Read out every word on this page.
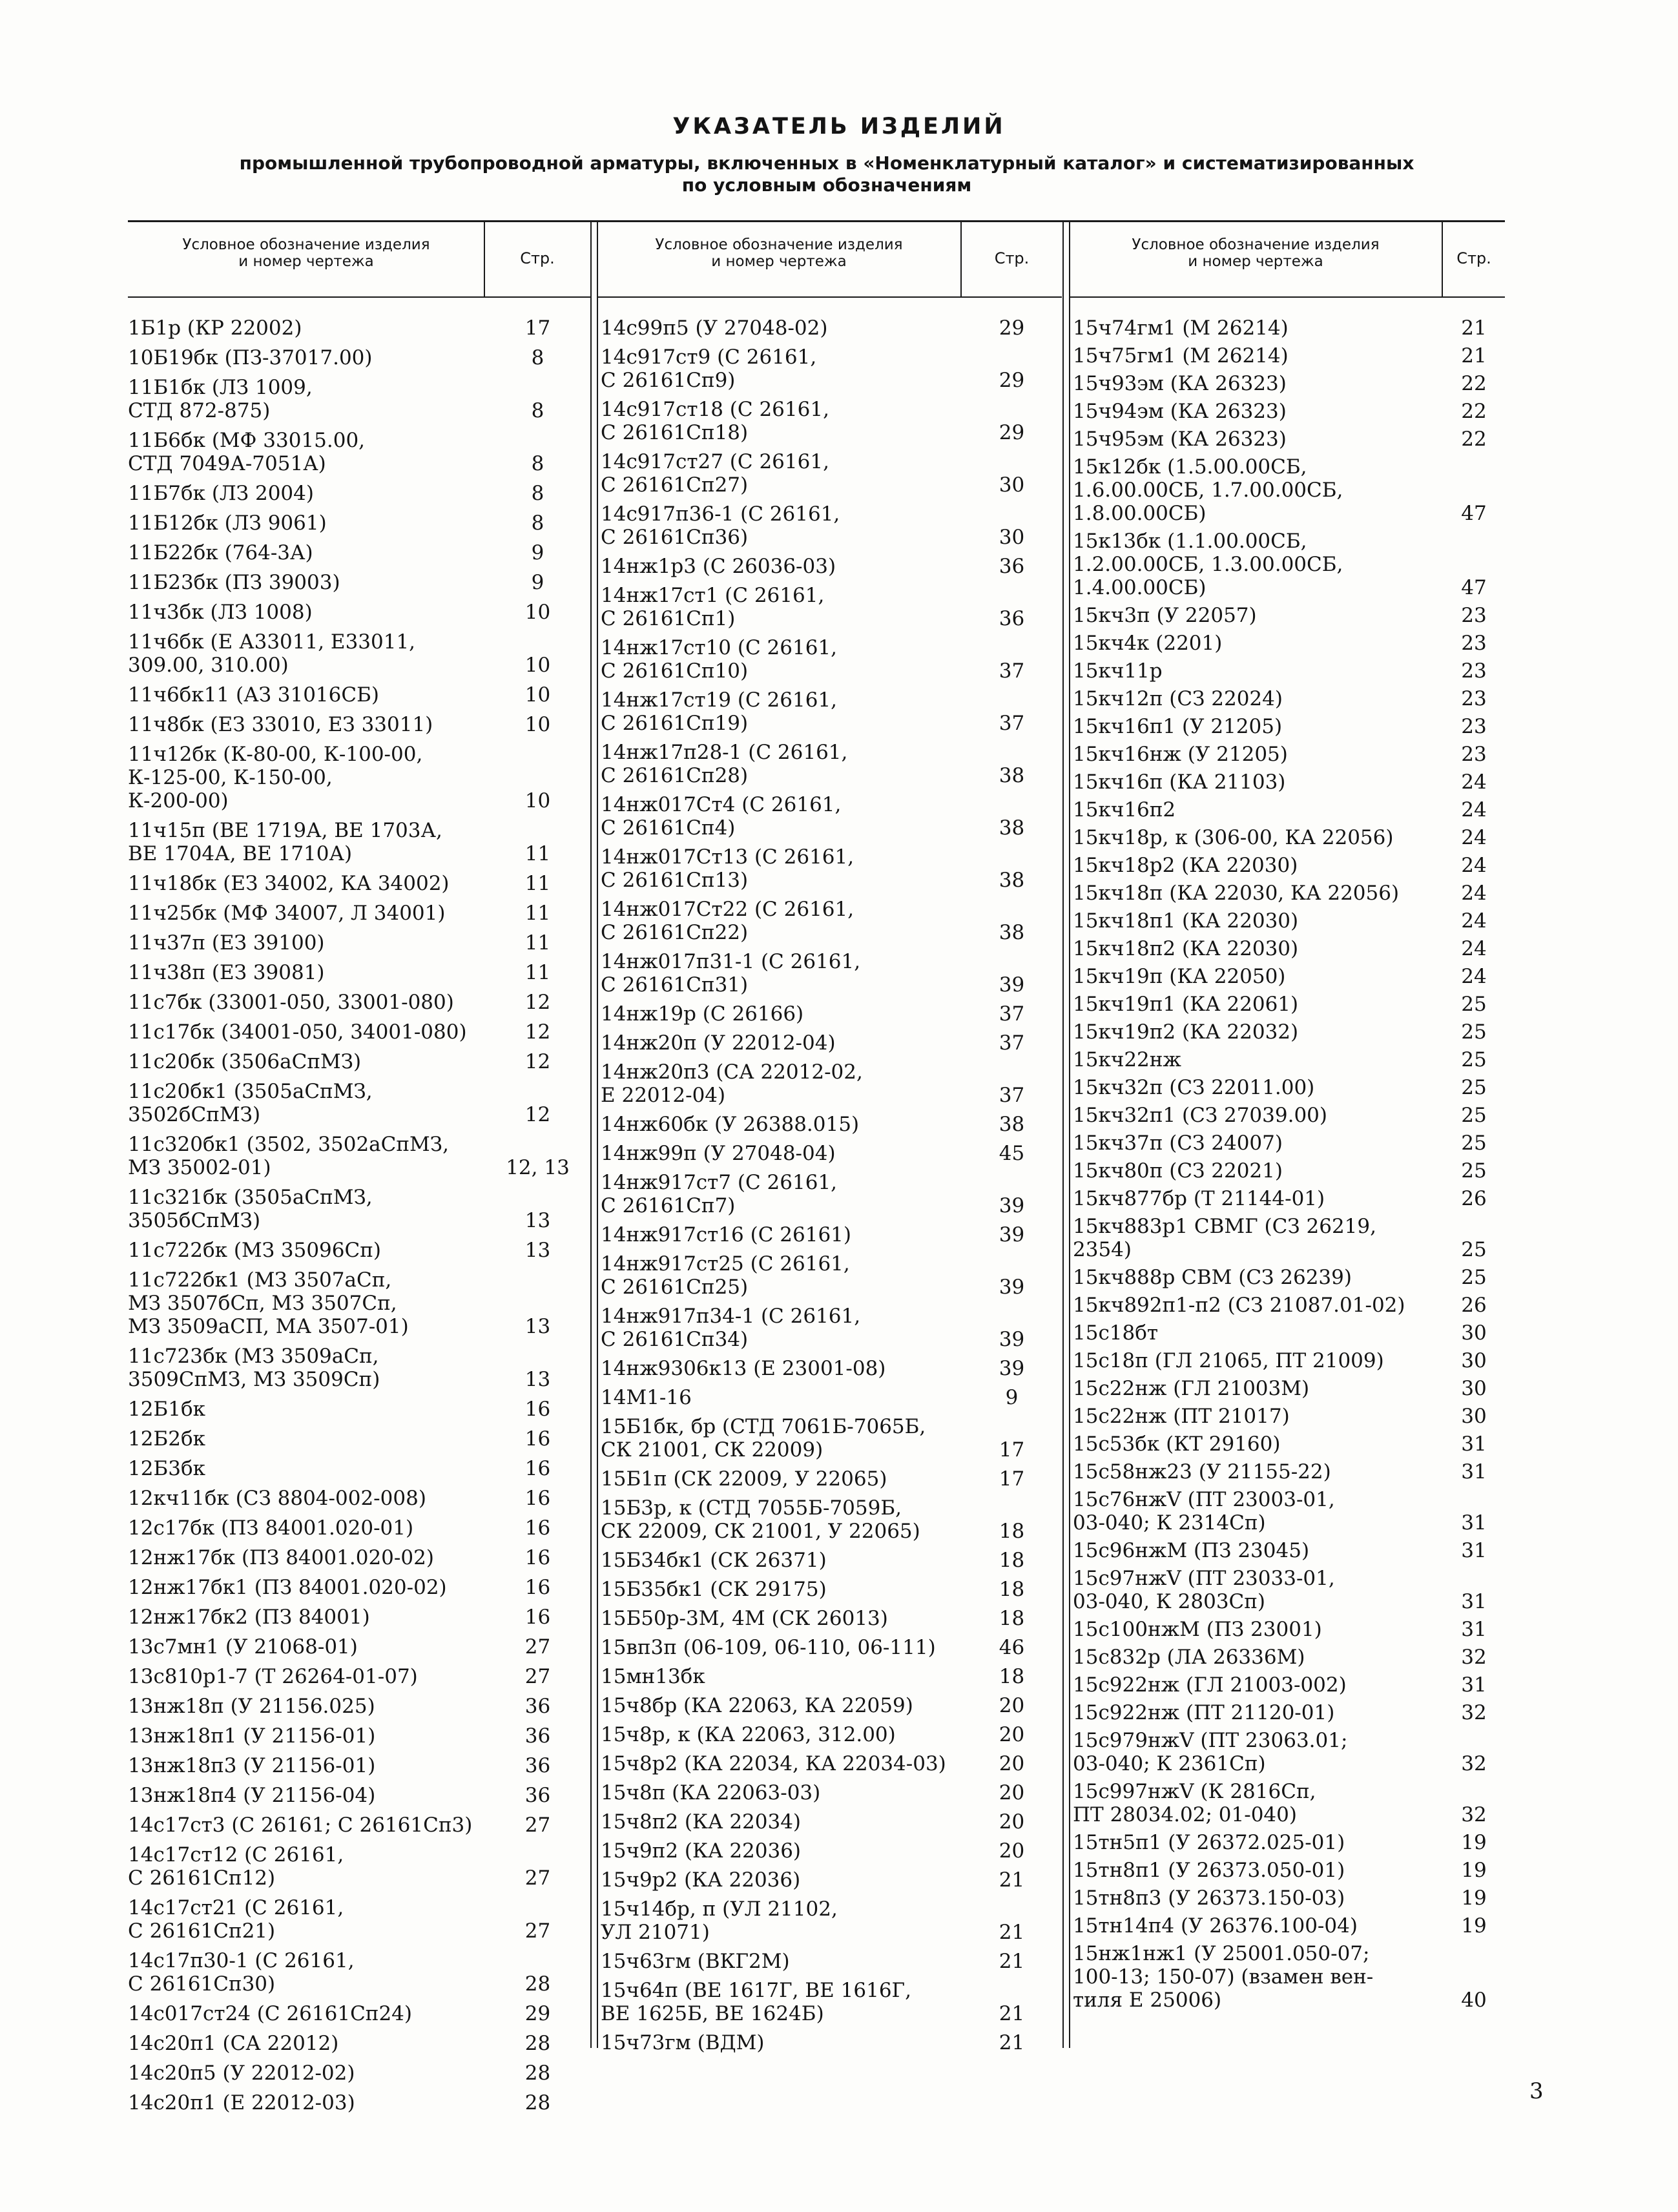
УКАЗАТЕЛЬ ИЗДЕЛИЙ
промышленной трубопроводной арматуры, включенных в «Номенклатурный каталог» и систематизированных
по условным обозначениям
Условное обозначение изделия
и номер чертежа	Стр.
Условное обозначение изделия
и номер чертежа	Стр.
Условное обозначение изделия
и номер чертежа	Стр.
1Б1р (КР 22002)	17
10Б19бк (ПЗ-37017.00)	8
11Б1бк (ЛЗ 1009,
СТД 872-875)	8
11Б6бк (МФ 33015.00,
СТД 7049А-7051А)	8
11Б7бк (ЛЗ 2004)	8
11Б12бк (ЛЗ 9061)	8
11Б22бк (764-3А)	9
11Б23бк (ПЗ 39003)	9
11ч3бк (ЛЗ 1008)	10
11ч6бк (Е А33011, Е33011,
309.00, 310.00)	10
11ч6бк11 (АЗ 31016СБ)	10
11ч8бк (ЕЗ 33010, ЕЗ 33011)	10
11ч12бк (К-80-00, К-100-00,
К-125-00, К-150-00,
К-200-00)	10
11ч15п (ВЕ 1719А, ВЕ 1703А,
ВЕ 1704А, ВЕ 1710А)	11
11ч18бк (ЕЗ 34002, КА 34002)	11
11ч25бк (МФ 34007, Л 34001)	11
11ч37п (ЕЗ 39100)	11
11ч38п (ЕЗ 39081)	11
11с7бк (33001-050, 33001-080)	12
11с17бк (34001-050, 34001-080)	12
11с20бк (3506аСпМЗ)	12
11с20бк1 (3505аСпМЗ,
3502бСпМЗ)	12
11с320бк1 (3502, 3502аСпМЗ,
МЗ 35002-01)	12, 13
11с321бк (3505аСпМЗ,
3505бСпМЗ)	13
11с722бк (МЗ 35096Сп)	13
11с722бк1 (МЗ 3507аСп,
МЗ 3507бСп, МЗ 3507Сп,
МЗ 3509аСП, МА 3507-01)	13
11с723бк (МЗ 3509аСп,
3509СпМЗ, МЗ 3509Сп)	13
12Б1бк	16
12Б2бк	16
12Б3бк	16
12кч11бк (СЗ 8804-002-008)	16
12с17бк (ПЗ 84001.020-01)	16
12нж17бк (ПЗ 84001.020-02)	16
12нж17бк1 (ПЗ 84001.020-02)	16
12нж17бк2 (ПЗ 84001)	16
13с7мн1 (У 21068-01)	27
13с810р1-7 (Т 26264-01-07)	27
13нж18п (У 21156.025)	36
13нж18п1 (У 21156-01)	36
13нж18п3 (У 21156-01)	36
13нж18п4 (У 21156-04)	36
14с17ст3 (С 26161; С 26161Сп3)	27
14с17ст12 (С 26161,
С 26161Сп12)	27
14с17ст21 (С 26161,
С 26161Сп21)	27
14с17п30-1 (С 26161,
С 26161Сп30)	28
14с017ст24 (С 26161Сп24)	29
14с20п1 (СА 22012)	28
14с20п5 (У 22012-02)	28
14с20п1 (Е 22012-03)	28
14с99п5 (У 27048-02)	29
14с917ст9 (С 26161,
С 26161Сп9)	29
14с917ст18 (С 26161,
С 26161Сп18)	29
14с917ст27 (С 26161,
С 26161Сп27)	30
14с917п36-1 (С 26161,
С 26161Сп36)	30
14нж1р3 (С 26036-03)	36
14нж17ст1 (С 26161,
С 26161Сп1)	36
14нж17ст10 (С 26161,
С 26161Сп10)	37
14нж17ст19 (С 26161,
С 26161Сп19)	37
14нж17п28-1 (С 26161,
С 26161Сп28)	38
14нж017Ст4 (С 26161,
С 26161Сп4)	38
14нж017Ст13 (С 26161,
С 26161Сп13)	38
14нж017Ст22 (С 26161,
С 26161Сп22)	38
14нж017п31-1 (С 26161,
С 26161Сп31)	39
14нж19р (С 26166)	37
14нж20п (У 22012-04)	37
14нж20п3 (СА 22012-02,
Е 22012-04)	37
14нж60бк (У 26388.015)	38
14нж99п (У 27048-04)	45
14нж917ст7 (С 26161,
С 26161Сп7)	39
14нж917ст16 (С 26161)	39
14нж917ст25 (С 26161,
С 26161Сп25)	39
14нж917п34-1 (С 26161,
С 26161Сп34)	39
14нж9306к13 (Е 23001-08)	39
14М1-16	9
15Б1бк, бр (СТД 7061Б-7065Б,
СК 21001, СК 22009)	17
15Б1п (СК 22009, У 22065)	17
15Б3р, к (СТД 7055Б-7059Б,
СК 22009, СК 21001, У 22065)	18
15Б34бк1 (СК 26371)	18
15Б35бк1 (СК 29175)	18
15Б50р-3М, 4М (СК 26013)	18
15вп3п (06-109, 06-110, 06-111)	46
15мн13бк	18
15ч8бр (КА 22063, КА 22059)	20
15ч8р, к (КА 22063, 312.00)	20
15ч8р2 (КА 22034, КА 22034-03)	20
15ч8п (КА 22063-03)	20
15ч8п2 (КА 22034)	20
15ч9п2 (КА 22036)	20
15ч9р2 (КА 22036)	21
15ч14бр, п (УЛ 21102,
УЛ 21071)	21
15ч63гм (ВКГ2М)	21
15ч64п (ВЕ 1617Г, ВЕ 1616Г,
ВЕ 1625Б, ВЕ 1624Б)	21
15ч73гм (ВДМ)	21
15ч74гм1 (М 26214)	21
15ч75гм1 (М 26214)	21
15ч93эм (КА 26323)	22
15ч94эм (КА 26323)	22
15ч95эм (КА 26323)	22
15к12бк (1.5.00.00СБ,
1.6.00.00СБ, 1.7.00.00СБ,
1.8.00.00СБ)	47
15к13бк (1.1.00.00СБ,
1.2.00.00СБ, 1.3.00.00СБ,
1.4.00.00СБ)	47
15кч3п (У 22057)	23
15кч4к (2201)	23
15кч11р	23
15кч12п (СЗ 22024)	23
15кч16п1 (У 21205)	23
15кч16нж (У 21205)	23
15кч16п (КА 21103)	24
15кч16п2	24
15кч18р, к (306-00, КА 22056)	24
15кч18р2 (КА 22030)	24
15кч18п (КА 22030, КА 22056)	24
15кч18п1 (КА 22030)	24
15кч18п2 (КА 22030)	24
15кч19п (КА 22050)	24
15кч19п1 (КА 22061)	25
15кч19п2 (КА 22032)	25
15кч22нж	25
15кч32п (СЗ 22011.00)	25
15кч32п1 (СЗ 27039.00)	25
15кч37п (СЗ 24007)	25
15кч80п (СЗ 22021)	25
15кч877бр (Т 21144-01)	26
15кч883р1 СВМГ (СЗ 26219,
2354)	25
15кч888р СВМ (СЗ 26239)	25
15кч892п1-п2 (СЗ 21087.01-02)	26
15с18бт	30
15с18п (ГЛ 21065, ПТ 21009)	30
15с22нж (ГЛ 21003М)	30
15с22нж (ПТ 21017)	30
15с53бк (КТ 29160)	31
15с58нж23 (У 21155-22)	31
15с76нжV (ПТ 23003-01,
03-040; К 2314Сп)	31
15с96нжМ (ПЗ 23045)	31
15с97нжV (ПТ 23033-01,
03-040, К 2803Сп)	31
15с100нжМ (ПЗ 23001)	31
15с832р (ЛА 26336М)	32
15с922нж (ГЛ 21003-002)	31
15с922нж (ПТ 21120-01)	32
15с979нжV (ПТ 23063.01;
03-040; К 2361Сп)	32
15с997нжV (К 2816Сп,
ПТ 28034.02; 01-040)	32
15тн5п1 (У 26372.025-01)	19
15тн8п1 (У 26373.050-01)	19
15тн8п3 (У 26373.150-03)	19
15тн14п4 (У 26376.100-04)	19
15нж1нж1 (У 25001.050-07;
100-13; 150-07) (взамен вен-
тиля Е 25006)	40
3
